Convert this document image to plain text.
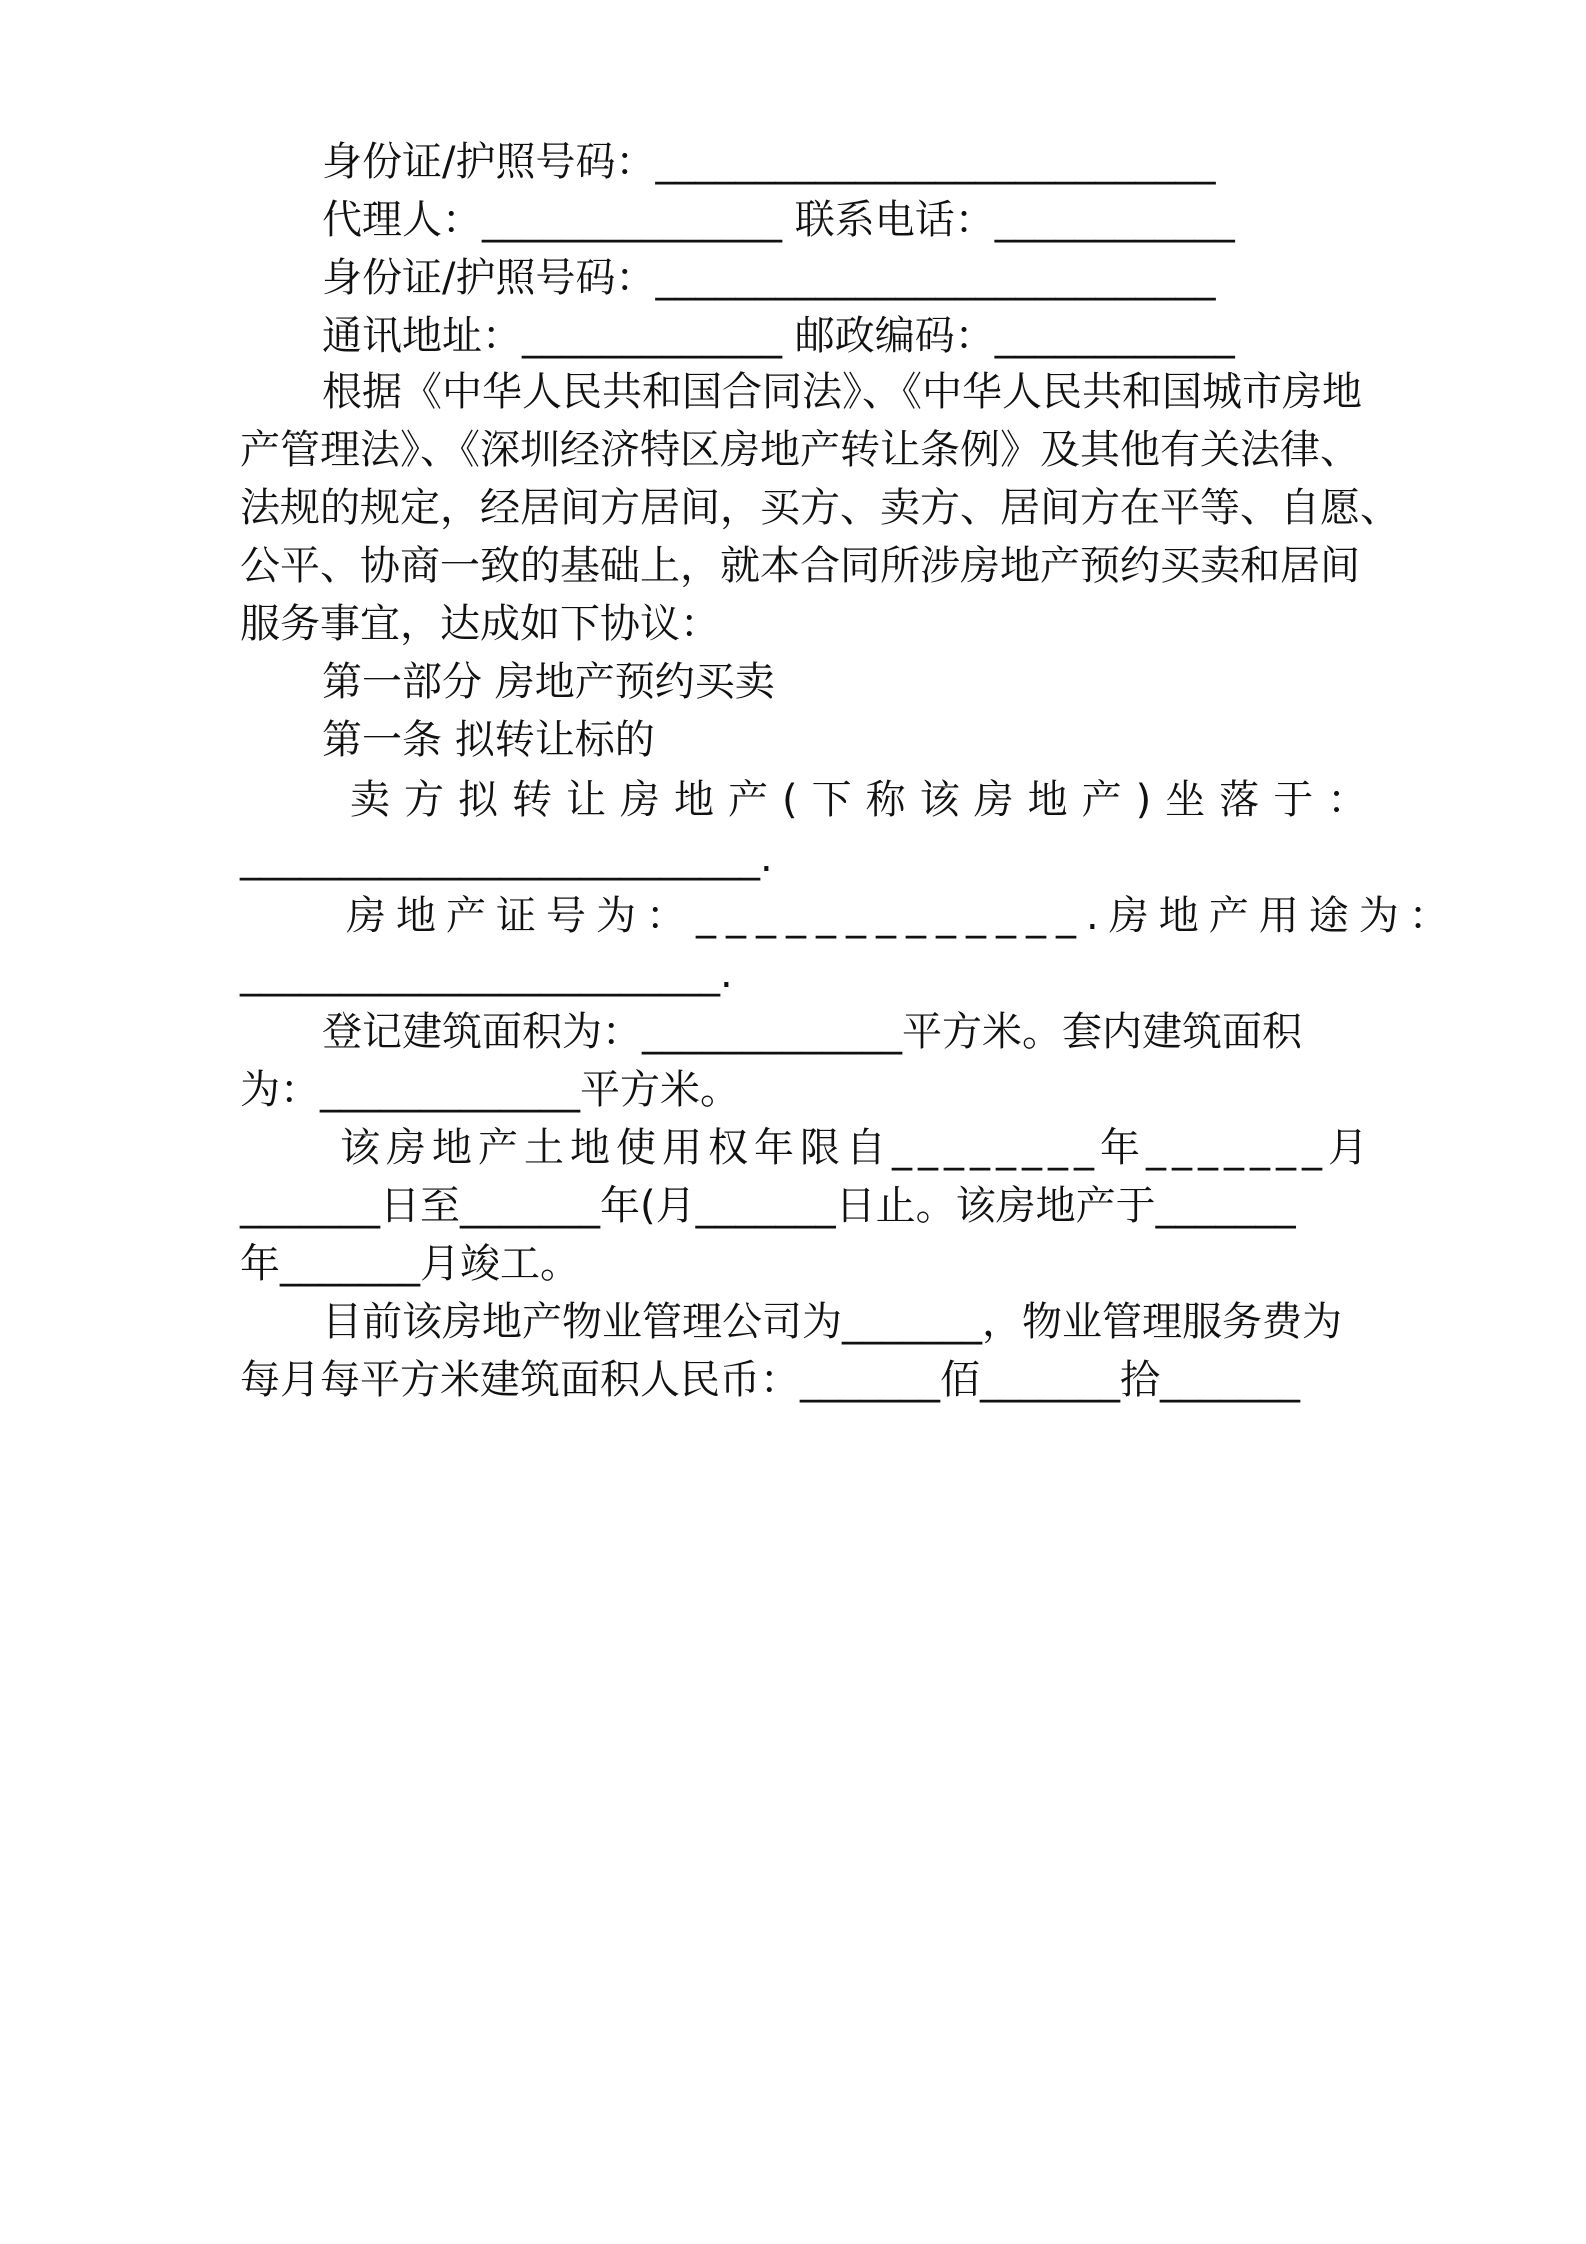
身份证/护照号码：____________________________

代理人：_______________ 联系电话：____________

身份证/护照号码：____________________________

通讯地址：_____________ 邮政编码：____________

根据《中华人民共和国合同法》、《中华人民共和国城市房地

产管理法》、《深圳经济特区房地产转让条例》及其他有关法律、

法规的规定，经居间方居间，买方、卖方、居间方在平等、自愿、

公平、协商一致的基础上，就本合同所涉房地产预约买卖和居间

服务事宜，达成如下协议：

第一部分 房地产预约买卖

第一条 拟转让标的

卖方拟转让房地产(下称该房地产)坐落于：

__________________________.

房地产证号为：_____________.房地产用途为：

________________________.

登记建筑面积为：_____________平方米。套内建筑面积

为：_____________平方米。

该房地产土地使用权年限自________年_______月

_______日至_______年(月_______日止。该房地产于_______

年_______月竣工。

目前该房地产物业管理公司为_______，物业管理服务费为

每月每平方米建筑面积人民币：_______佰_______拾_______
